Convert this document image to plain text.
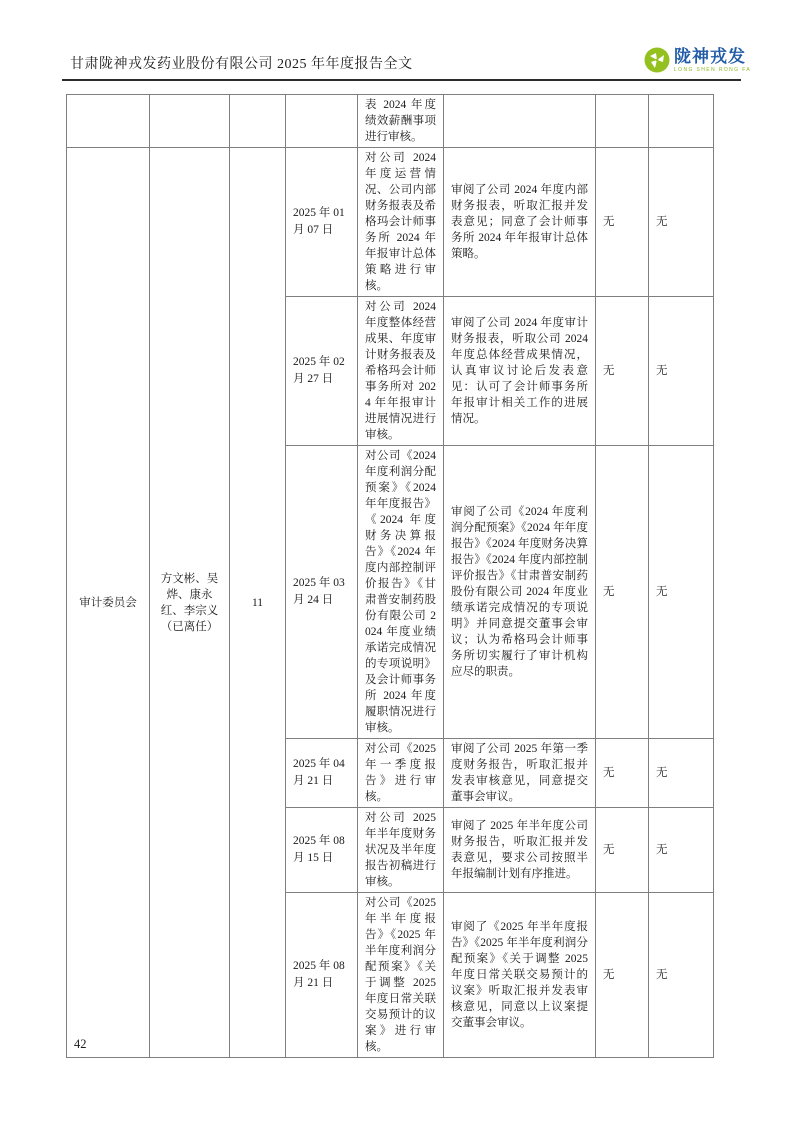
甘肃陇神戎发药业股份有限公司 2025 年年度报告全文	陇神戎发
LONG SHEN RONG FA
				表 2024 年度绩效薪酬事项进行审核。			
审计委员会	方文彬、吴烨、康永红、李宗义（已离任）	11	2025 年 01 月 07 日	对公司 2024 年度运营情况、公司内部财务报表及希格玛会计师事务所 2024 年年报审计总体策略进行审核。	审阅了公司 2024 年度内部财务报表，听取汇报并发表意见；同意了会计师事务所 2024 年年报审计总体策略。	无	无
			2025 年 02 月 27 日	对公司 2024 年度整体经营成果、年度审计财务报表及希格玛会计师事务所对 2024 年年报审计进展情况进行审核。	审阅了公司 2024 年度审计财务报表，听取公司 2024 年度总体经营成果情况，认真审议讨论后发表意见：认可了会计师事务所年报审计相关工作的进展情况。	无	无
			2025 年 03 月 24 日	对公司《2024 年度利润分配预案》《2024 年年度报告》《2024 年度财务决算报告》《2024 年度内部控制评价报告》《甘肃普安制药股份有限公司 2024 年度业绩承诺完成情况的专项说明》及会计师事务所 2024 年度履职情况进行审核。	审阅了公司《2024 年度利润分配预案》《2024 年年度报告》《2024 年度财务决算报告》《2024 年度内部控制评价报告》《甘肃普安制药股份有限公司 2024 年度业绩承诺完成情况的专项说明》并同意提交董事会审议；认为希格玛会计师事务所切实履行了审计机构应尽的职责。	无	无
			2025 年 04 月 21 日	对公司《2025 年一季度报告》进行审核。	审阅了公司 2025 年第一季度财务报告，听取汇报并发表审核意见，同意提交董事会审议。	无	无
			2025 年 08 月 15 日	对公司 2025 年半年度财务状况及半年度报告初稿进行审核。	审阅了 2025 年半年度公司财务报告，听取汇报并发表意见，要求公司按照半年报编制计划有序推进。	无	无
			2025 年 08 月 21 日	对公司《2025 年半年度报告》《2025 年半年度利润分配预案》《关于调整 2025 年度日常关联交易预计的议案》进行审核。	审阅了《2025 年半年度报告》《2025 年半年度利润分配预案》《关于调整 2025 年度日常关联交易预计的议案》听取汇报并发表审核意见，同意以上议案提交董事会审议。	无	无
42
